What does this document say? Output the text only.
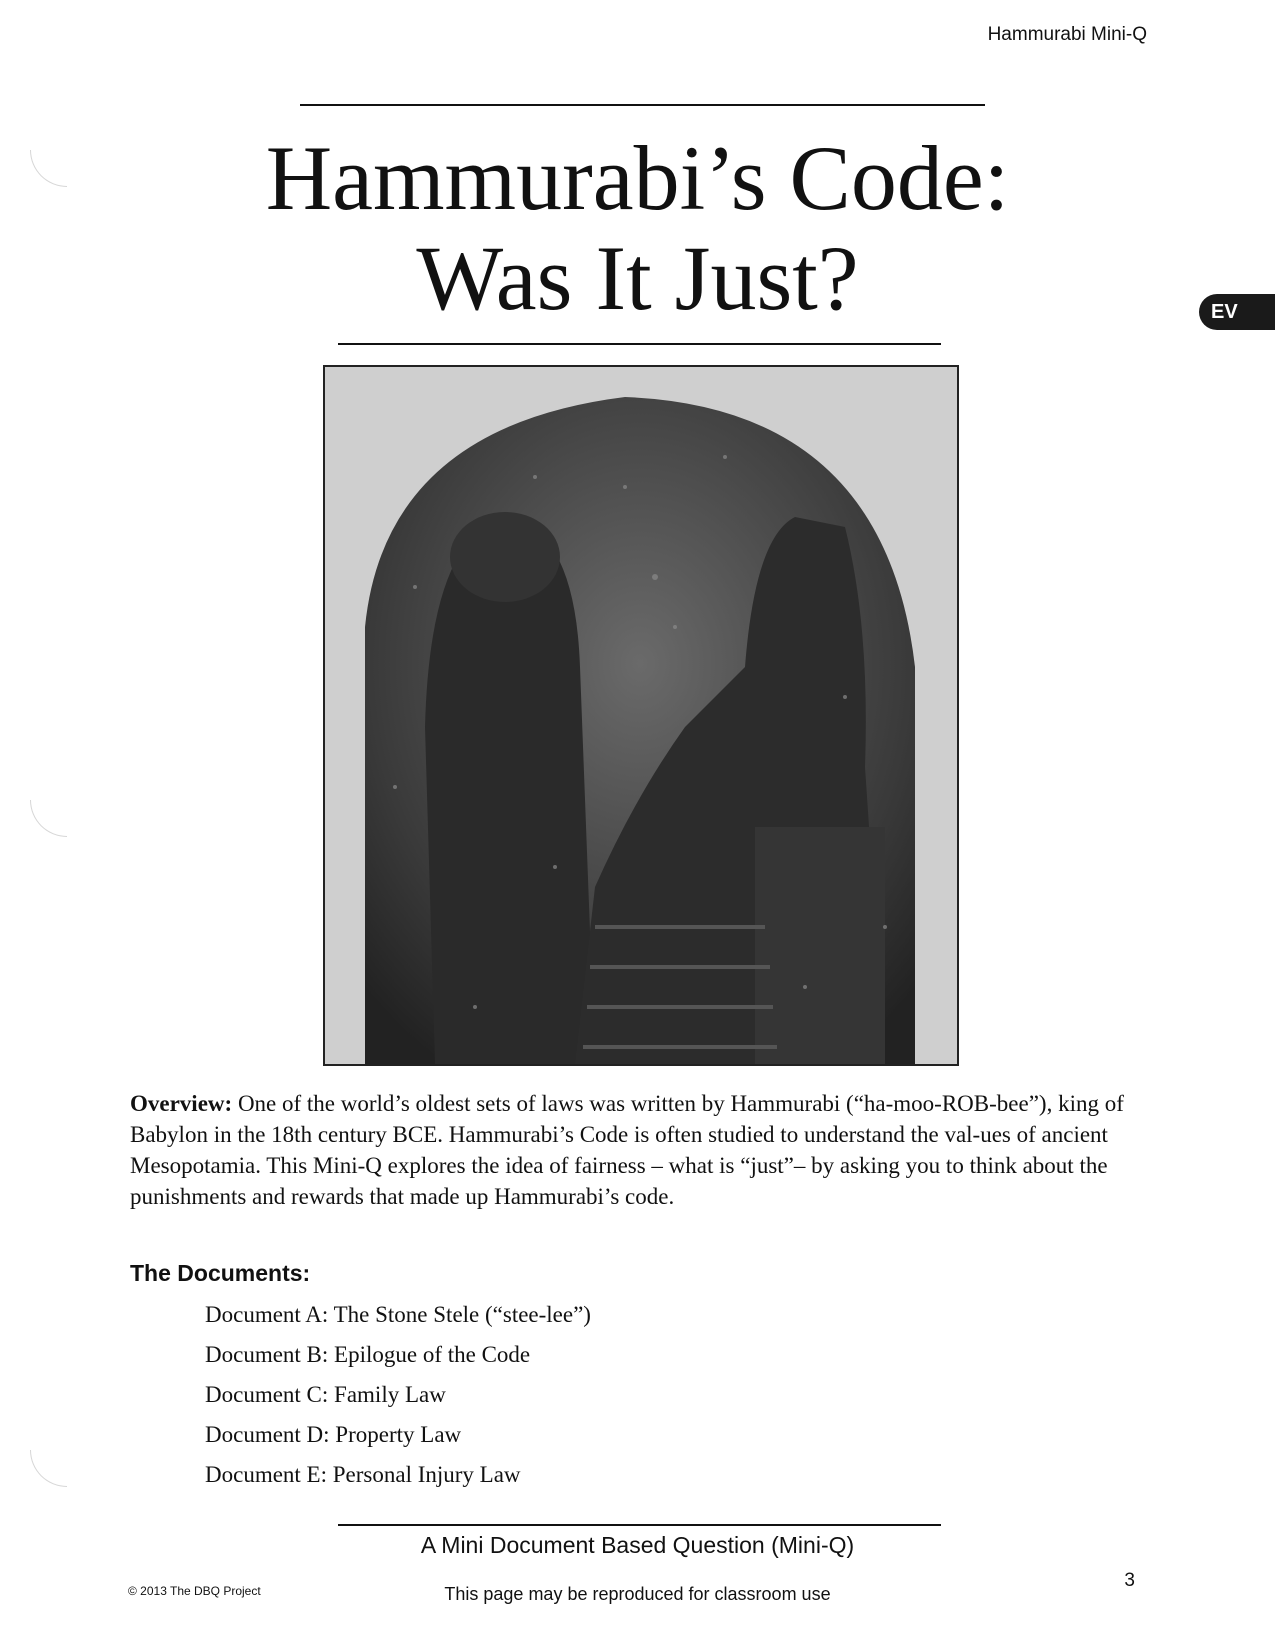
Hammurabi Mini-Q
Hammurabi’s Code:
Was It Just?	EV

Overview: One of the world’s oldest sets of laws was written by Hammurabi (“ha-moo-ROB-bee”), king of Babylon in the 18th century BCE. Hammurabi’s Code is often studied to understand the val-ues of ancient Mesopotamia. This Mini-Q explores the idea of fairness – what is “just”– by asking you to think about the punishments and rewards that made up Hammurabi’s code.

The Documents:
Document A: The Stone Stele (“stee-lee”)
Document B: Epilogue of the Code
Document C: Family Law
Document D: Property Law
Document E: Personal Injury Law
A Mini Document Based Question (Mini-Q)
© 2013 The DBQ Project	This page may be reproduced for classroom use
3
